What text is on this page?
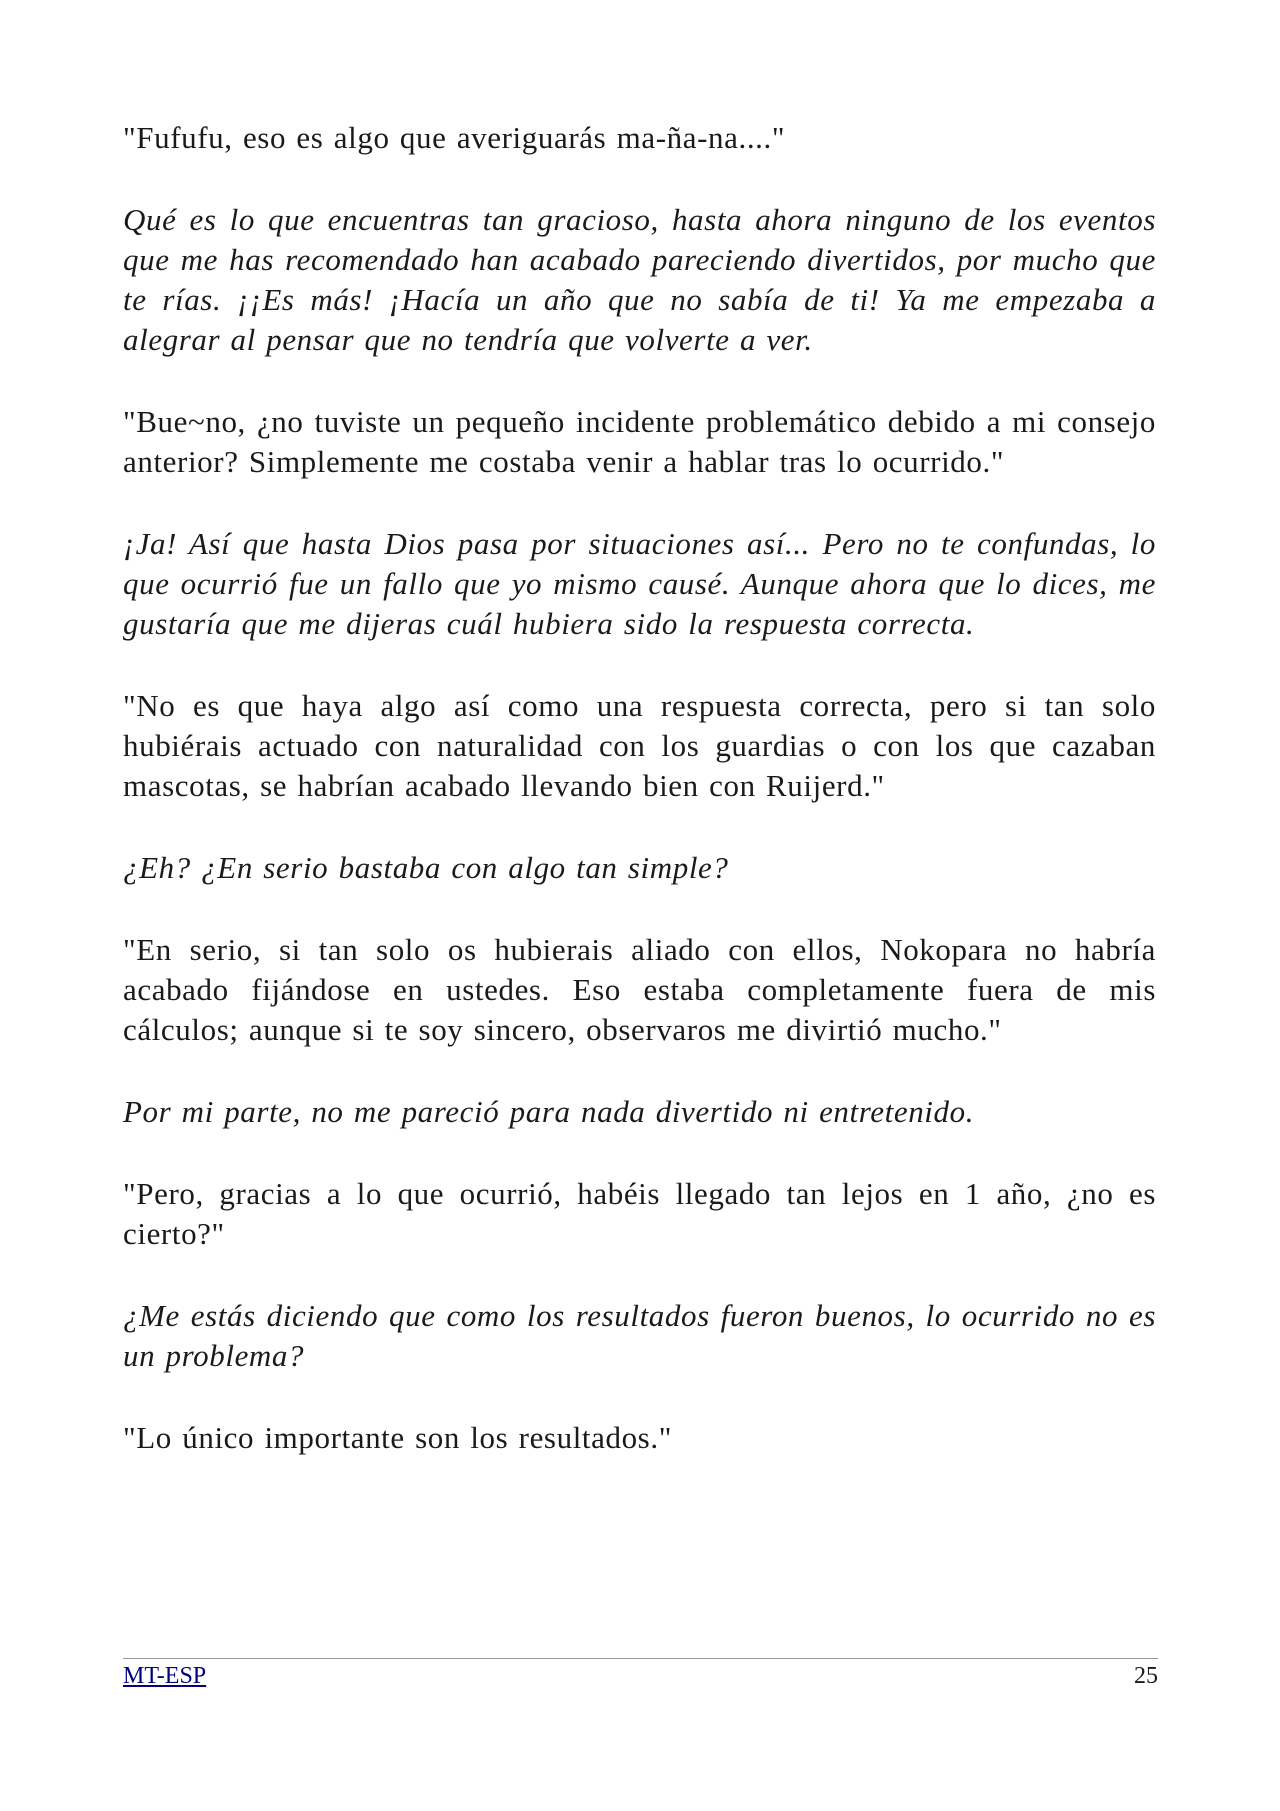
"Fufufu, eso es algo que averiguarás ma-ña-na...."

Qué es lo que encuentras tan gracioso, hasta ahora ninguno de los eventos que me has recomendado han acabado pareciendo divertidos, por mucho que te rías. ¡¡Es más! ¡Hacía un año que no sabía de ti! Ya me empezaba a alegrar al pensar que no tendría que volverte a ver.

"Bue~no, ¿no tuviste un pequeño incidente problemático debido a mi consejo anterior? Simplemente me costaba venir a hablar tras lo ocurrido."

¡Ja! Así que hasta Dios pasa por situaciones así... Pero no te confundas, lo que ocurrió fue un fallo que yo mismo causé. Aunque ahora que lo dices, me gustaría que me dijeras cuál hubiera sido la respuesta correcta.

"No es que haya algo así como una respuesta correcta, pero si tan solo hubiérais actuado con naturalidad con los guardias o con los que cazaban mascotas, se habrían acabado llevando bien con Ruijerd."

¿Eh? ¿En serio bastaba con algo tan simple?

"En serio, si tan solo os hubierais aliado con ellos, Nokopara no habría acabado fijándose en ustedes. Eso estaba completamente fuera de mis cálculos; aunque si te soy sincero, observaros me divirtió mucho."

Por mi parte, no me pareció para nada divertido ni entretenido.

"Pero, gracias a lo que ocurrió, habéis llegado tan lejos en 1 año, ¿no es cierto?"

¿Me estás diciendo que como los resultados fueron buenos, lo ocurrido no es un problema?

"Lo único importante son los resultados."

MT-ESP	25
